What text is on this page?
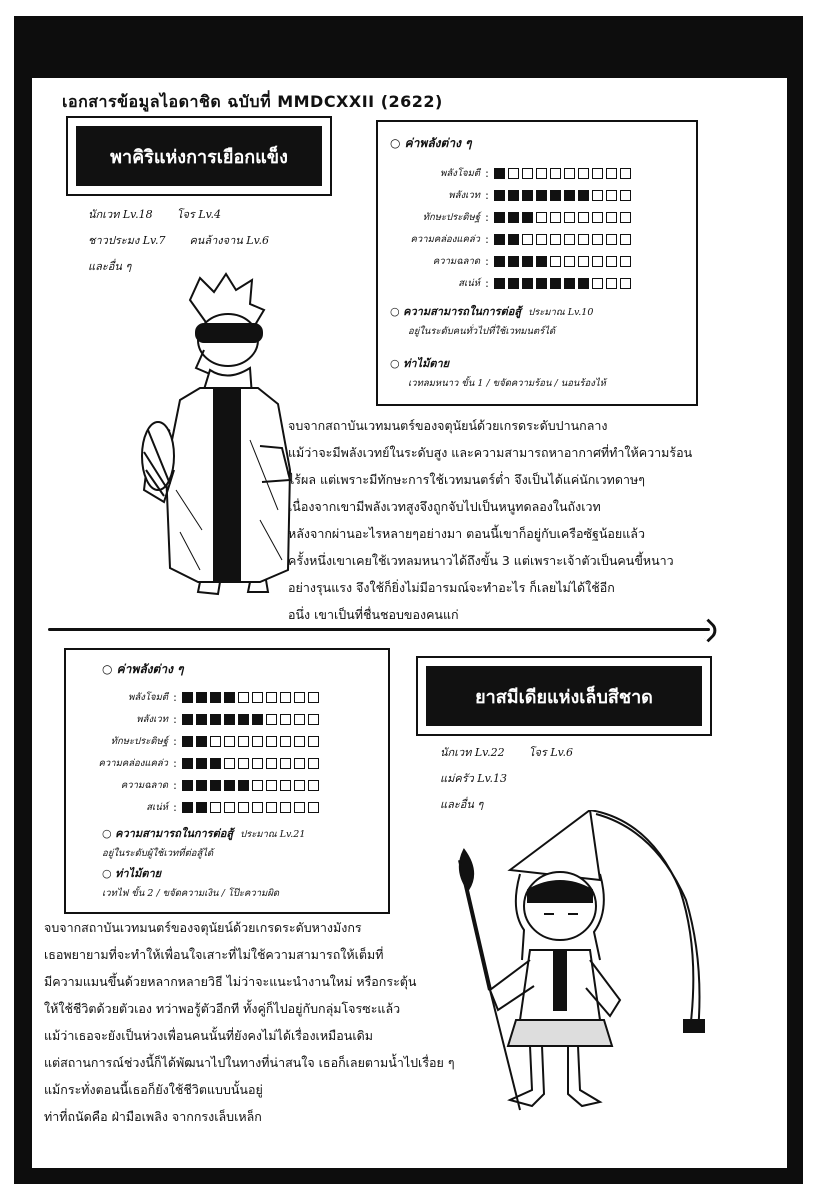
เอกสารข้อมูลไอดาชิด ฉบับที่ MMDCXXII (2622)
พาคิริแห่งการเยือกแข็ง
นักเวท Lv.18 โจร Lv.4
ชาวประมง Lv.7 คนล้างจาน Lv.6
และอื่น ๆ
○ ค่าพลังต่าง ๆ
พลังโจมตี :
พลังเวท :
ทักษะประดิษฐ์ :
ความคล่องแคล่ว :
ความฉลาด :
สเน่ห์ :
○ ความสามารถในการต่อสู้ ประมาณ Lv.10
อยู่ในระดับคนทั่วไปที่ใช้เวทมนตร์ได้
○ ท่าไม้ตาย
เวทลมหนาว ขั้น 1 / ขจัดความร้อน / นอนร้องไห้

จบจากสถาบันเวทมนตร์ของจตุนัยน์ด้วยเกรดระดับปานกลาง

แม้ว่าจะมีพลังเวทย์ในระดับสูง และความสามารถหาอากาศที่ทำให้ความร้อน

ไร้ผล แต่เพราะมีทักษะการใช้เวทมนตร์ต่ำ จึงเป็นได้แค่นักเวทดาษๆ

เนื่องจากเขามีพลังเวทสูงจึงถูกจับไปเป็นหนูทดลองในถังเวท

หลังจากผ่านอะไรหลายๆอย่างมา ตอนนี้เขาก็อยู่กับเครือซัฐน้อยแล้ว

ครั้งหนึ่งเขาเคยใช้เวทลมหนาวได้ถึงขั้น 3 แต่เพราะเจ้าตัวเป็นคนขี้หนาว

อย่างรุนแรง จึงใช้ก็ยิ่งไม่มีอารมณ์จะทำอะไร ก็เลยไม่ได้ใช้อีก

อนึ่ง เขาเป็นที่ชื่นชอบของคนแก่

○ ค่าพลังต่าง ๆ
พลังโจมตี :
พลังเวท :
ทักษะประดิษฐ์ :
ความคล่องแคล่ว :
ความฉลาด :
สเน่ห์ :
○ ความสามารถในการต่อสู้ ประมาณ Lv.21
อยู่ในระดับผู้ใช้เวทที่ต่อสู้ได้
○ ท่าไม้ตาย
เวทไฟ ขั้น 2 / ขจัดความเงิน / โป๊ะความผิด
ยาสมีเดียแห่งเล็บสีชาด
นักเวท Lv.22 โจร Lv.6
แม่ครัว Lv.13
และอื่น ๆ

จบจากสถาบันเวทมนตร์ของจตุนัยน์ด้วยเกรดระดับหางมังกร

เธอพยายามที่จะทำให้เพื่อนใจเสาะที่ไม่ใช้ความสามารถให้เต็มที่

มีความแมนขึ้นด้วยหลากหลายวิธี ไม่ว่าจะแนะนำงานใหม่ หรือกระตุ้น

ให้ใช้ชีวิตด้วยตัวเอง ทว่าพอรู้ตัวอีกที ทั้งคู่ก็ไปอยู่กับกลุ่มโจรซะแล้ว

แม้ว่าเธอจะยังเป็นห่วงเพื่อนคนนั้นที่ยังคงไม่ได้เรื่องเหมือนเดิม

แต่สถานการณ์ช่วงนี้ก็ได้พัฒนาไปในทางที่น่าสนใจ เธอก็เลยตามน้ำไปเรื่อย ๆ

แม้กระทั่งตอนนี้เธอก็ยังใช้ชีวิตแบบนั้นอยู่

ท่าที่ถนัดคือ ฝ่ามือเพลิง จากกรงเล็บเหล็ก
